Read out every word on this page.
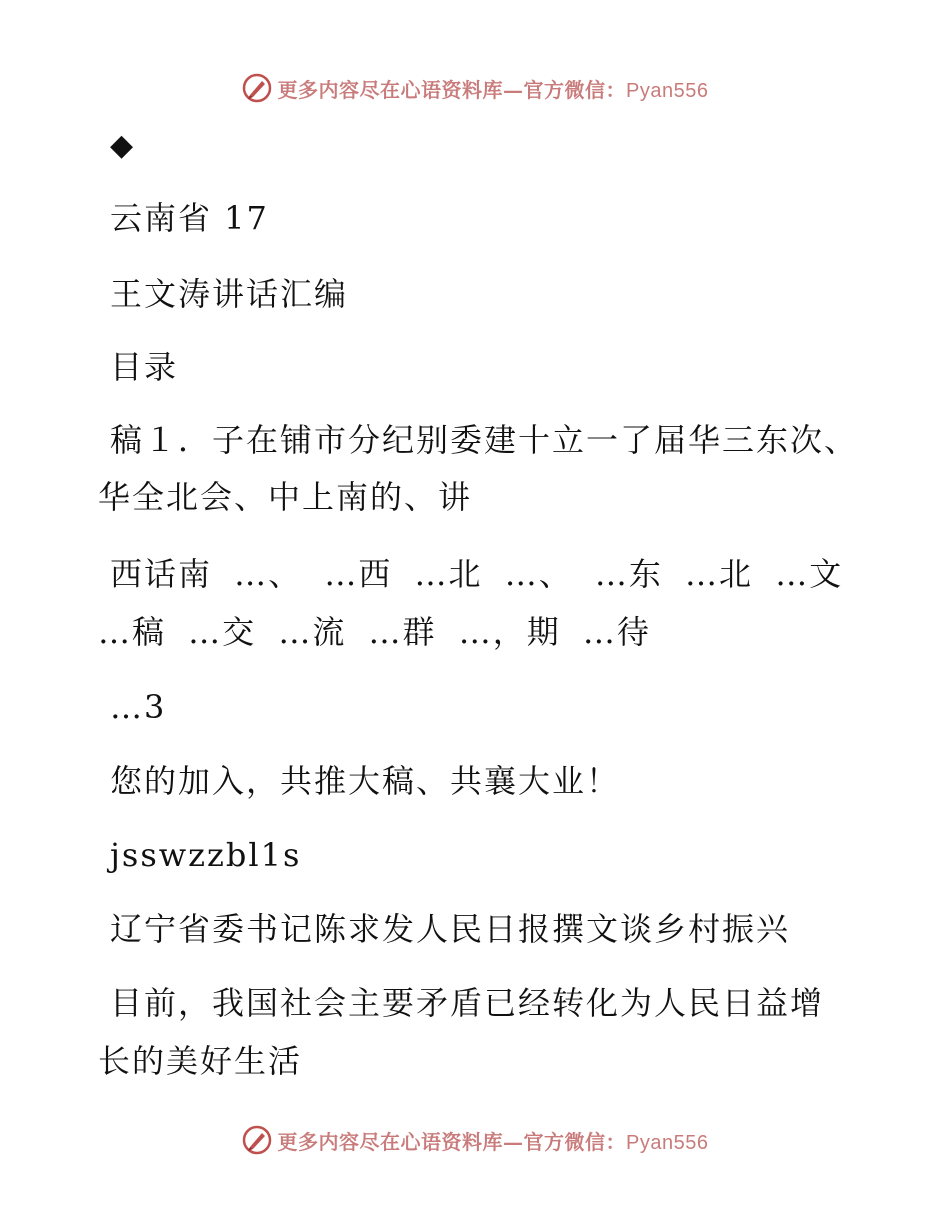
更多内容尽在心语资料库—官方微信：Pyan556
◆
云南省 17
王文涛讲话汇编
目录
稿１．子在铺市分纪别委建十立一了届华三东次、
华全北会、中上南的、讲
西话南 …、 …西 …北 …、 …东 …北 …文
…稿 …交 …流 …群 …，期 …待
…3
您的加入，共推大稿、共襄大业！
jsswzzbl1s
辽宁省委书记陈求发人民日报撰文谈乡村振兴
目前，我国社会主要矛盾已经转化为人民日益增
长的美好生活
更多内容尽在心语资料库—官方微信：Pyan556
